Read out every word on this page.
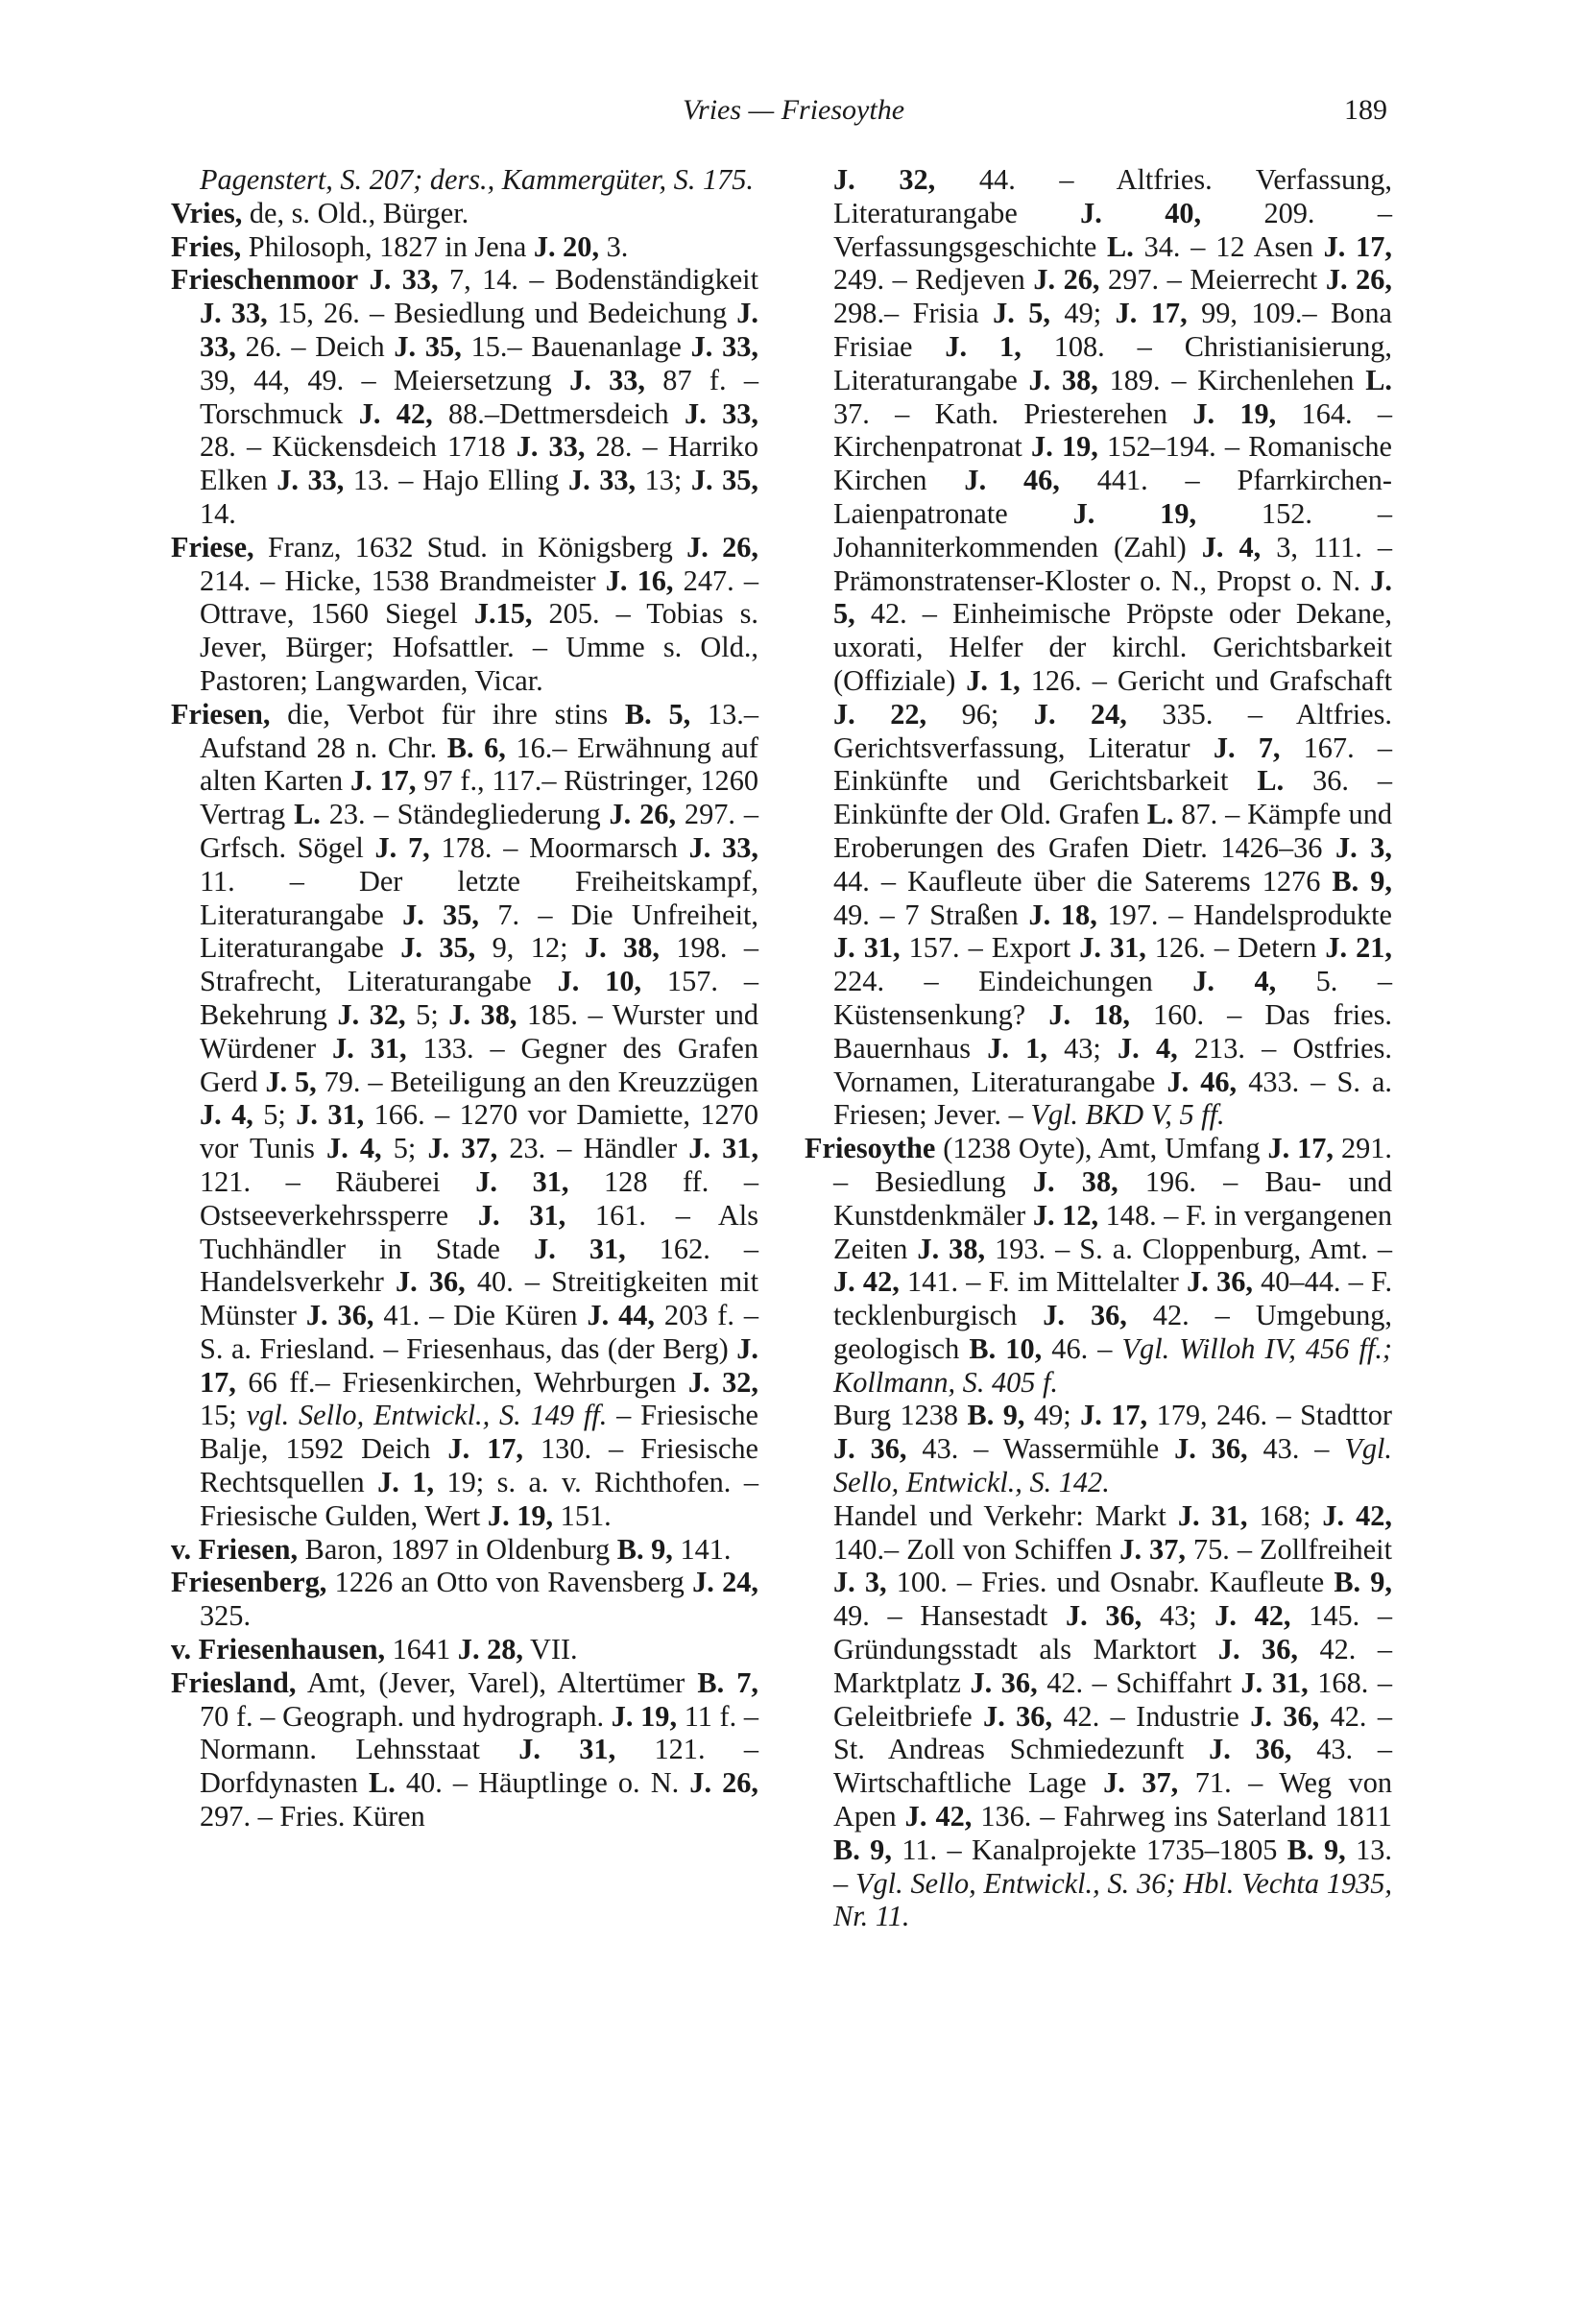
Vries — Friesoythe	189

Pagenstert, S. 207; ders., Kammergüter, S. 175.

Vries, de, s. Old., Bürger.

Fries, Philosoph, 1827 in Jena J. 20, 3.

Frieschenmoor J. 33, 7, 14. – Bodenständigkeit J. 33, 15, 26. – Besiedlung und Bedeichung J. 33, 26. – Deich J. 35, 15.– Bauenanlage J. 33, 39, 44, 49. – Meiersetzung J. 33, 87 f. – Torschmuck J. 42, 88.–Dettmersdeich J. 33, 28. – Kückensdeich 1718 J. 33, 28. – Harriko Elken J. 33, 13. – Hajo Elling J. 33, 13; J. 35, 14.

Friese, Franz, 1632 Stud. in Königsberg J. 26, 214. – Hicke, 1538 Brandmeister J. 16, 247. – Ottrave, 1560 Siegel J.15, 205. – Tobias s. Jever, Bürger; Hofsattler. – Umme s. Old., Pastoren; Langwarden, Vicar.

Friesen, die, Verbot für ihre stins B. 5, 13.– Aufstand 28 n. Chr. B. 6, 16.– Erwähnung auf alten Karten J. 17, 97 f., 117.– Rüstringer, 1260 Vertrag L. 23. – Ständegliederung J. 26, 297. – Grfsch. Sögel J. 7, 178. – Moormarsch J. 33, 11. – Der letzte Freiheitskampf, Literaturangabe J. 35, 7. – Die Unfreiheit, Literaturangabe J. 35, 9, 12; J. 38, 198. – Strafrecht, Literaturangabe J. 10, 157. – Bekehrung J. 32, 5; J. 38, 185. – Wurster und Würdener J. 31, 133. – Gegner des Grafen Gerd J. 5, 79. – Beteiligung an den Kreuzzügen J. 4, 5; J. 31, 166. – 1270 vor Damiette, 1270 vor Tunis J. 4, 5; J. 37, 23. – Händler J. 31, 121. – Räuberei J. 31, 128 ff. – Ostseeverkehrssperre J. 31, 161. – Als Tuchhändler in Stade J. 31, 162. – Handelsverkehr J. 36, 40. – Streitigkeiten mit Münster J. 36, 41. – Die Küren J. 44, 203 f. – S. a. Friesland. – Friesenhaus, das (der Berg) J. 17, 66 ff.– Friesenkirchen, Wehrburgen J. 32, 15; vgl. Sello, Entwickl., S. 149 ff. – Friesische Balje, 1592 Deich J. 17, 130. – Friesische Rechtsquellen J. 1, 19; s. a. v. Richthofen. – Friesische Gulden, Wert J. 19, 151.

v. Friesen, Baron, 1897 in Oldenburg B. 9, 141.

Friesenberg, 1226 an Otto von Ravensberg J. 24, 325.

v. Friesenhausen, 1641 J. 28, VII.

Friesland, Amt, (Jever, Varel), Altertümer B. 7, 70 f. – Geograph. und hydrograph. J. 19, 11 f. – Normann. Lehnsstaat J. 31, 121. – Dorfdynasten L. 40. – Häuptlinge o. N. J. 26, 297. – Fries. Küren

J. 32, 44. – Altfries. Verfassung, Literaturangabe J. 40, 209. – Verfassungsgeschichte L. 34. – 12 Asen J. 17, 249. – Redjeven J. 26, 297. – Meierrecht J. 26, 298.– Frisia J. 5, 49; J. 17, 99, 109.– Bona Frisiae J. 1, 108. – Christianisierung, Literaturangabe J. 38, 189. – Kirchenlehen L. 37. – Kath. Priesterehen J. 19, 164. – Kirchenpatronat J. 19, 152–194. – Romanische Kirchen J. 46, 441. – Pfarrkirchen-Laienpatronate J. 19, 152. – Johanniterkommenden (Zahl) J. 4, 3, 111. – Prämonstratenser-Kloster o. N., Propst o. N. J. 5, 42. – Einheimische Pröpste oder Dekane, uxorati, Helfer der kirchl. Gerichtsbarkeit (Offiziale) J. 1, 126. – Gericht und Grafschaft J. 22, 96; J. 24, 335. – Altfries. Gerichtsverfassung, Literatur J. 7, 167. – Einkünfte und Gerichtsbarkeit L. 36. – Einkünfte der Old. Grafen L. 87. – Kämpfe und Eroberungen des Grafen Dietr. 1426–36 J. 3, 44. – Kaufleute über die Saterems 1276 B. 9, 49. – 7 Straßen J. 18, 197. – Handelsprodukte J. 31, 157. – Export J. 31, 126. – Detern J. 21, 224. – Eindeichungen J. 4, 5. – Küstensenkung? J. 18, 160. – Das fries. Bauernhaus J. 1, 43; J. 4, 213. – Ostfries. Vornamen, Literaturangabe J. 46, 433. – S. a. Friesen; Jever. – Vgl. BKD V, 5 ff.

Friesoythe (1238 Oyte), Amt, Umfang J. 17, 291. – Besiedlung J. 38, 196. – Bau- und Kunstdenkmäler J. 12, 148. – F. in vergangenen Zeiten J. 38, 193. – S. a. Cloppenburg, Amt. – J. 42, 141. – F. im Mittelalter J. 36, 40–44. – F. tecklenburgisch J. 36, 42. – Umgebung, geologisch B. 10, 46. – Vgl. Willoh IV, 456 ff.; Kollmann, S. 405 f.

Burg 1238 B. 9, 49; J. 17, 179, 246. – Stadttor J. 36, 43. – Wassermühle J. 36, 43. – Vgl. Sello, Entwickl., S. 142.

Handel und Verkehr: Markt J. 31, 168; J. 42, 140.– Zoll von Schiffen J. 37, 75. – Zollfreiheit J. 3, 100. – Fries. und Osnabr. Kaufleute B. 9, 49. – Hansestadt J. 36, 43; J. 42, 145. – Gründungsstadt als Marktort J. 36, 42. – Marktplatz J. 36, 42. – Schiffahrt J. 31, 168. – Geleitbriefe J. 36, 42. – Industrie J. 36, 42. – St. Andreas Schmiedezunft J. 36, 43. – Wirtschaftliche Lage J. 37, 71. – Weg von Apen J. 42, 136. – Fahrweg ins Saterland 1811 B. 9, 11. – Kanalprojekte 1735–1805 B. 9, 13. – Vgl. Sello, Entwickl., S. 36; Hbl. Vechta 1935, Nr. 11.
